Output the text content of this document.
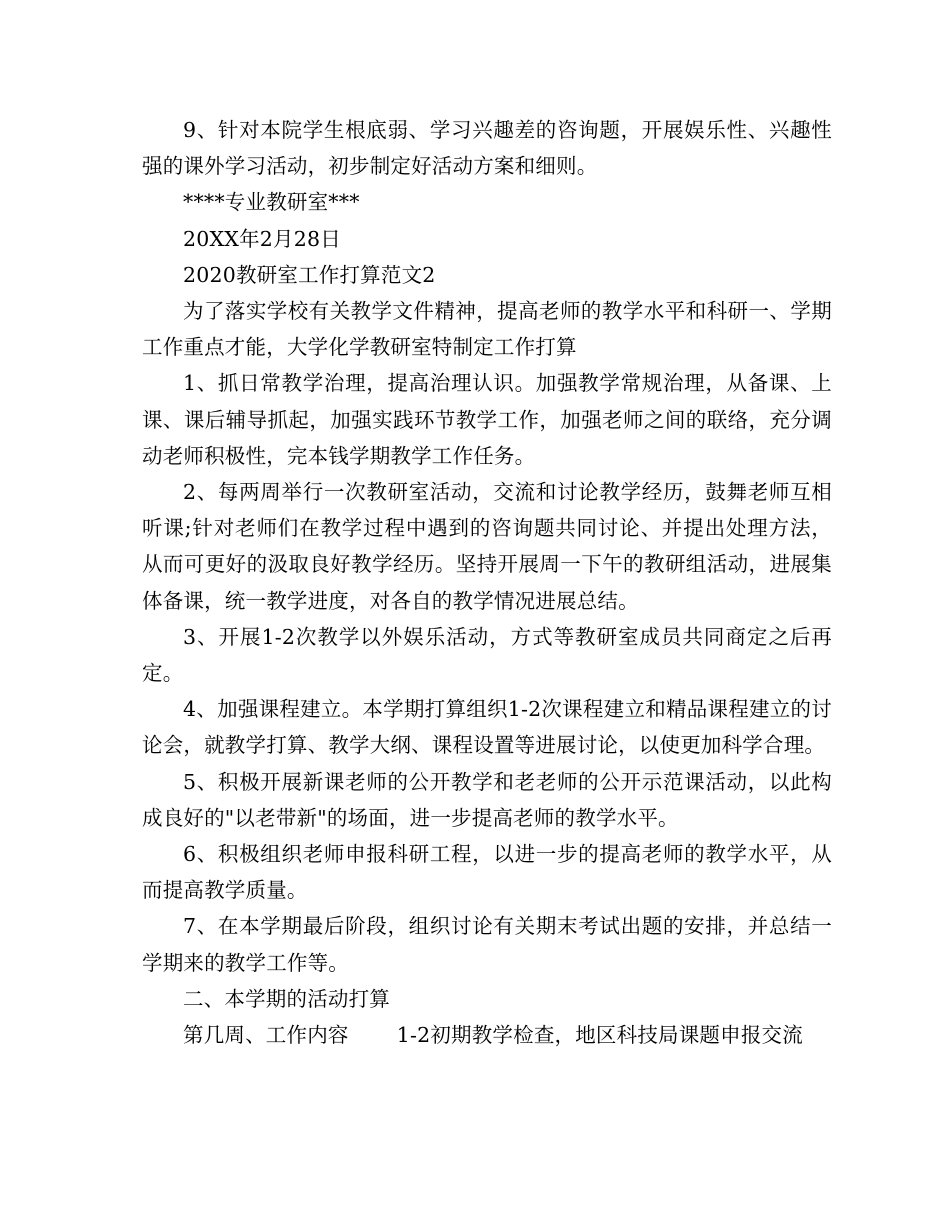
9、针对本院学生根底弱、学习兴趣差的咨询题，开展娱乐性、兴趣性强的课外学习活动，初步制定好活动方案和细则。

****专业教研室***

20XX年2月28日

2020教研室工作打算范文2

为了落实学校有关教学文件精神，提高老师的教学水平和科研一、学期工作重点才能，大学化学教研室特制定工作打算

1、抓日常教学治理，提高治理认识。加强教学常规治理，从备课、上课、课后辅导抓起，加强实践环节教学工作，加强老师之间的联络，充分调动老师积极性，完本钱学期教学工作任务。

2、每两周举行一次教研室活动，交流和讨论教学经历，鼓舞老师互相听课;针对老师们在教学过程中遇到的咨询题共同讨论、并提出处理方法，从而可更好的汲取良好教学经历。坚持开展周一下午的教研组活动，进展集体备课，统一教学进度，对各自的教学情况进展总结。

3、开展1-2次教学以外娱乐活动，方式等教研室成员共同商定之后再定。

4、加强课程建立。本学期打算组织1-2次课程建立和精品课程建立的讨论会，就教学打算、教学大纲、课程设置等进展讨论，以使更加科学合理。

5、积极开展新课老师的公开教学和老老师的公开示范课活动，以此构成良好的"以老带新"的场面，进一步提高老师的教学水平。

6、积极组织老师申报科研工程，以进一步的提高老师的教学水平，从而提高教学质量。

7、在本学期最后阶段，组织讨论有关期末考试出题的安排，并总结一学期来的教学工作等。

二、本学期的活动打算

第几周、工作内容　　 1-2初期教学检查，地区科技局课题申报交流
